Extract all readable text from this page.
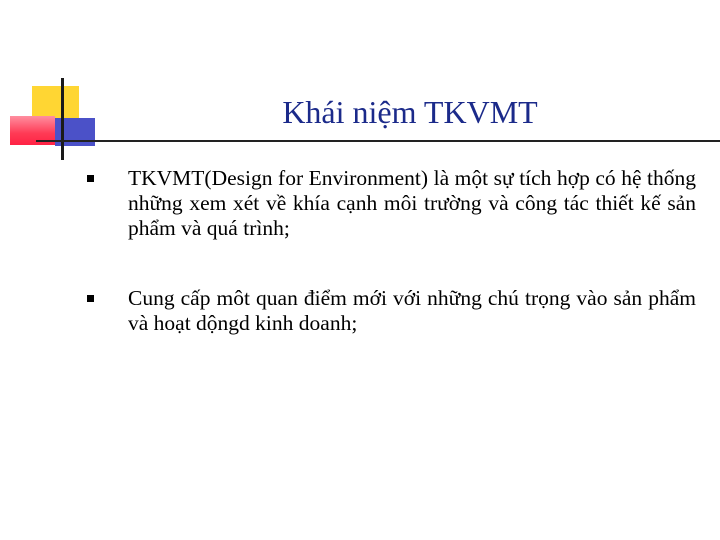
Khái niệm TKVMT
TKVMT(Design for Environment) là một sự tích hợp có hệ thống những xem xét về khía cạnh môi trường và công tác thiết kế sản phẩm và quá trình;
Cung cấp môt quan điểm mới với những chú trọng vào sản phẩm và hoạt dộngd kinh doanh;
